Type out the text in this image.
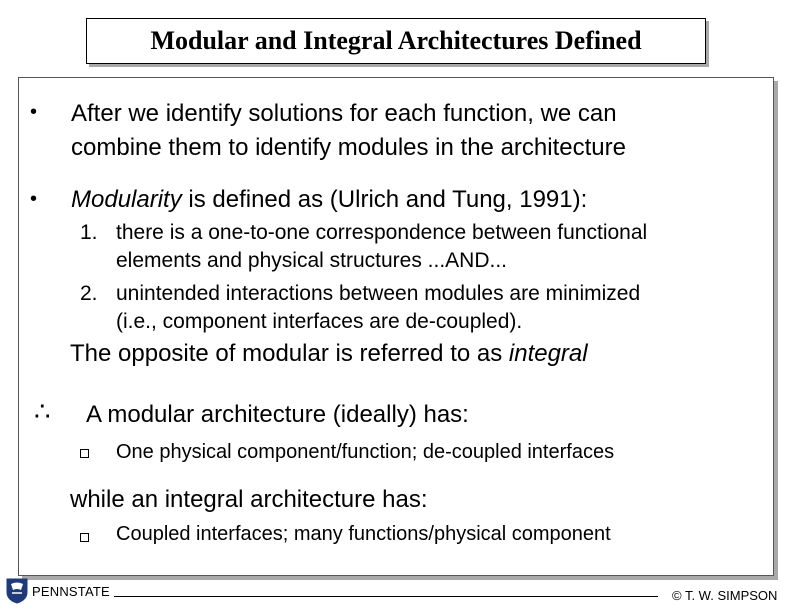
Modular and Integral Architectures Defined
• After we identify solutions for each function, we can
combine them to identify modules in the architecture
• Modularity is defined as (Ulrich and Tung, 1991):
1. there is a one-to-one correspondence between functional
elements and physical structures ...AND...
2. unintended interactions between modules are minimized
(i.e., component interfaces are de-coupled).
The opposite of modular is referred to as integral
∴ A modular architecture (ideally) has:
One physical component/function; de-coupled interfaces
while an integral architecture has:
Coupled interfaces; many functions/physical component
PENNSTATE	© T. W. SIMPSON
